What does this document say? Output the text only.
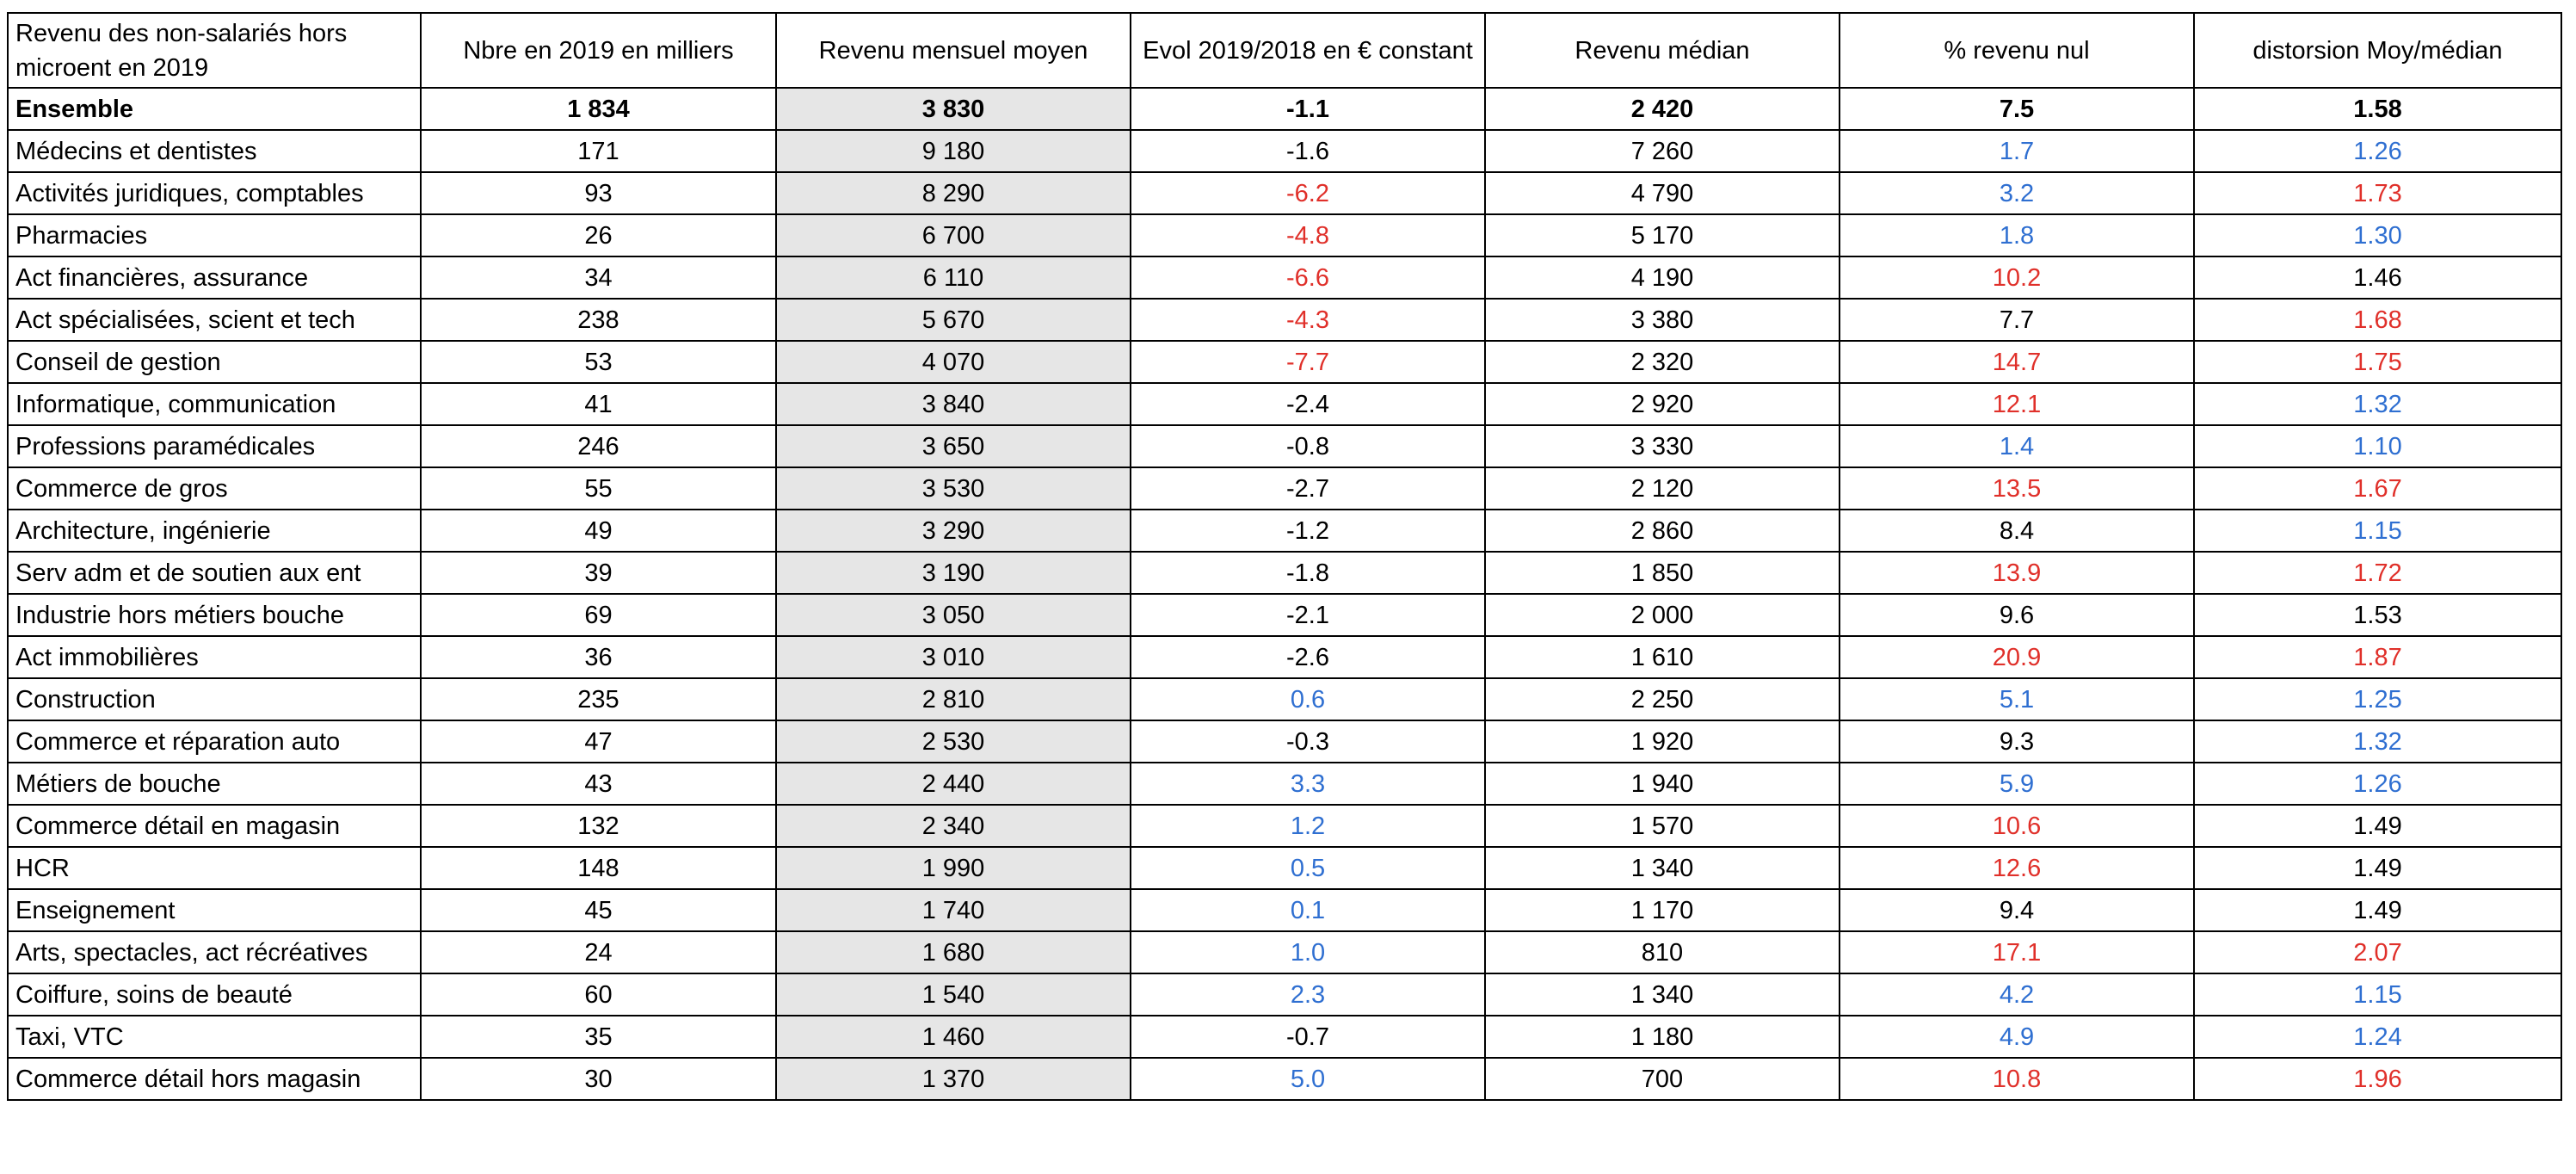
Revenu des non-salariés hors microent en 2019	Nbre en 2019 en milliers	Revenu mensuel moyen	Evol 2019/2018 en € constant	Revenu médian	% revenu nul	distorsion Moy/médian
Ensemble	1 834	3 830	-1.1	2 420	7.5	1.58
Médecins et dentistes	171	9 180	-1.6	7 260	1.7	1.26
Activités juridiques, comptables	93	8 290	-6.2	4 790	3.2	1.73
Pharmacies	26	6 700	-4.8	5 170	1.8	1.30
Act financières, assurance	34	6 110	-6.6	4 190	10.2	1.46
Act spécialisées, scient et tech	238	5 670	-4.3	3 380	7.7	1.68
Conseil de gestion	53	4 070	-7.7	2 320	14.7	1.75
Informatique, communication	41	3 840	-2.4	2 920	12.1	1.32
Professions paramédicales	246	3 650	-0.8	3 330	1.4	1.10
Commerce de gros	55	3 530	-2.7	2 120	13.5	1.67
Architecture, ingénierie	49	3 290	-1.2	2 860	8.4	1.15
Serv adm et de soutien aux ent	39	3 190	-1.8	1 850	13.9	1.72
Industrie hors métiers bouche	69	3 050	-2.1	2 000	9.6	1.53
Act immobilières	36	3 010	-2.6	1 610	20.9	1.87
Construction	235	2 810	0.6	2 250	5.1	1.25
Commerce et réparation auto	47	2 530	-0.3	1 920	9.3	1.32
Métiers de bouche	43	2 440	3.3	1 940	5.9	1.26
Commerce détail en magasin	132	2 340	1.2	1 570	10.6	1.49
HCR	148	1 990	0.5	1 340	12.6	1.49
Enseignement	45	1 740	0.1	1 170	9.4	1.49
Arts, spectacles, act récréatives	24	1 680	1.0	810	17.1	2.07
Coiffure, soins de beauté	60	1 540	2.3	1 340	4.2	1.15
Taxi, VTC	35	1 460	-0.7	1 180	4.9	1.24
Commerce détail hors magasin	30	1 370	5.0	700	10.8	1.96
